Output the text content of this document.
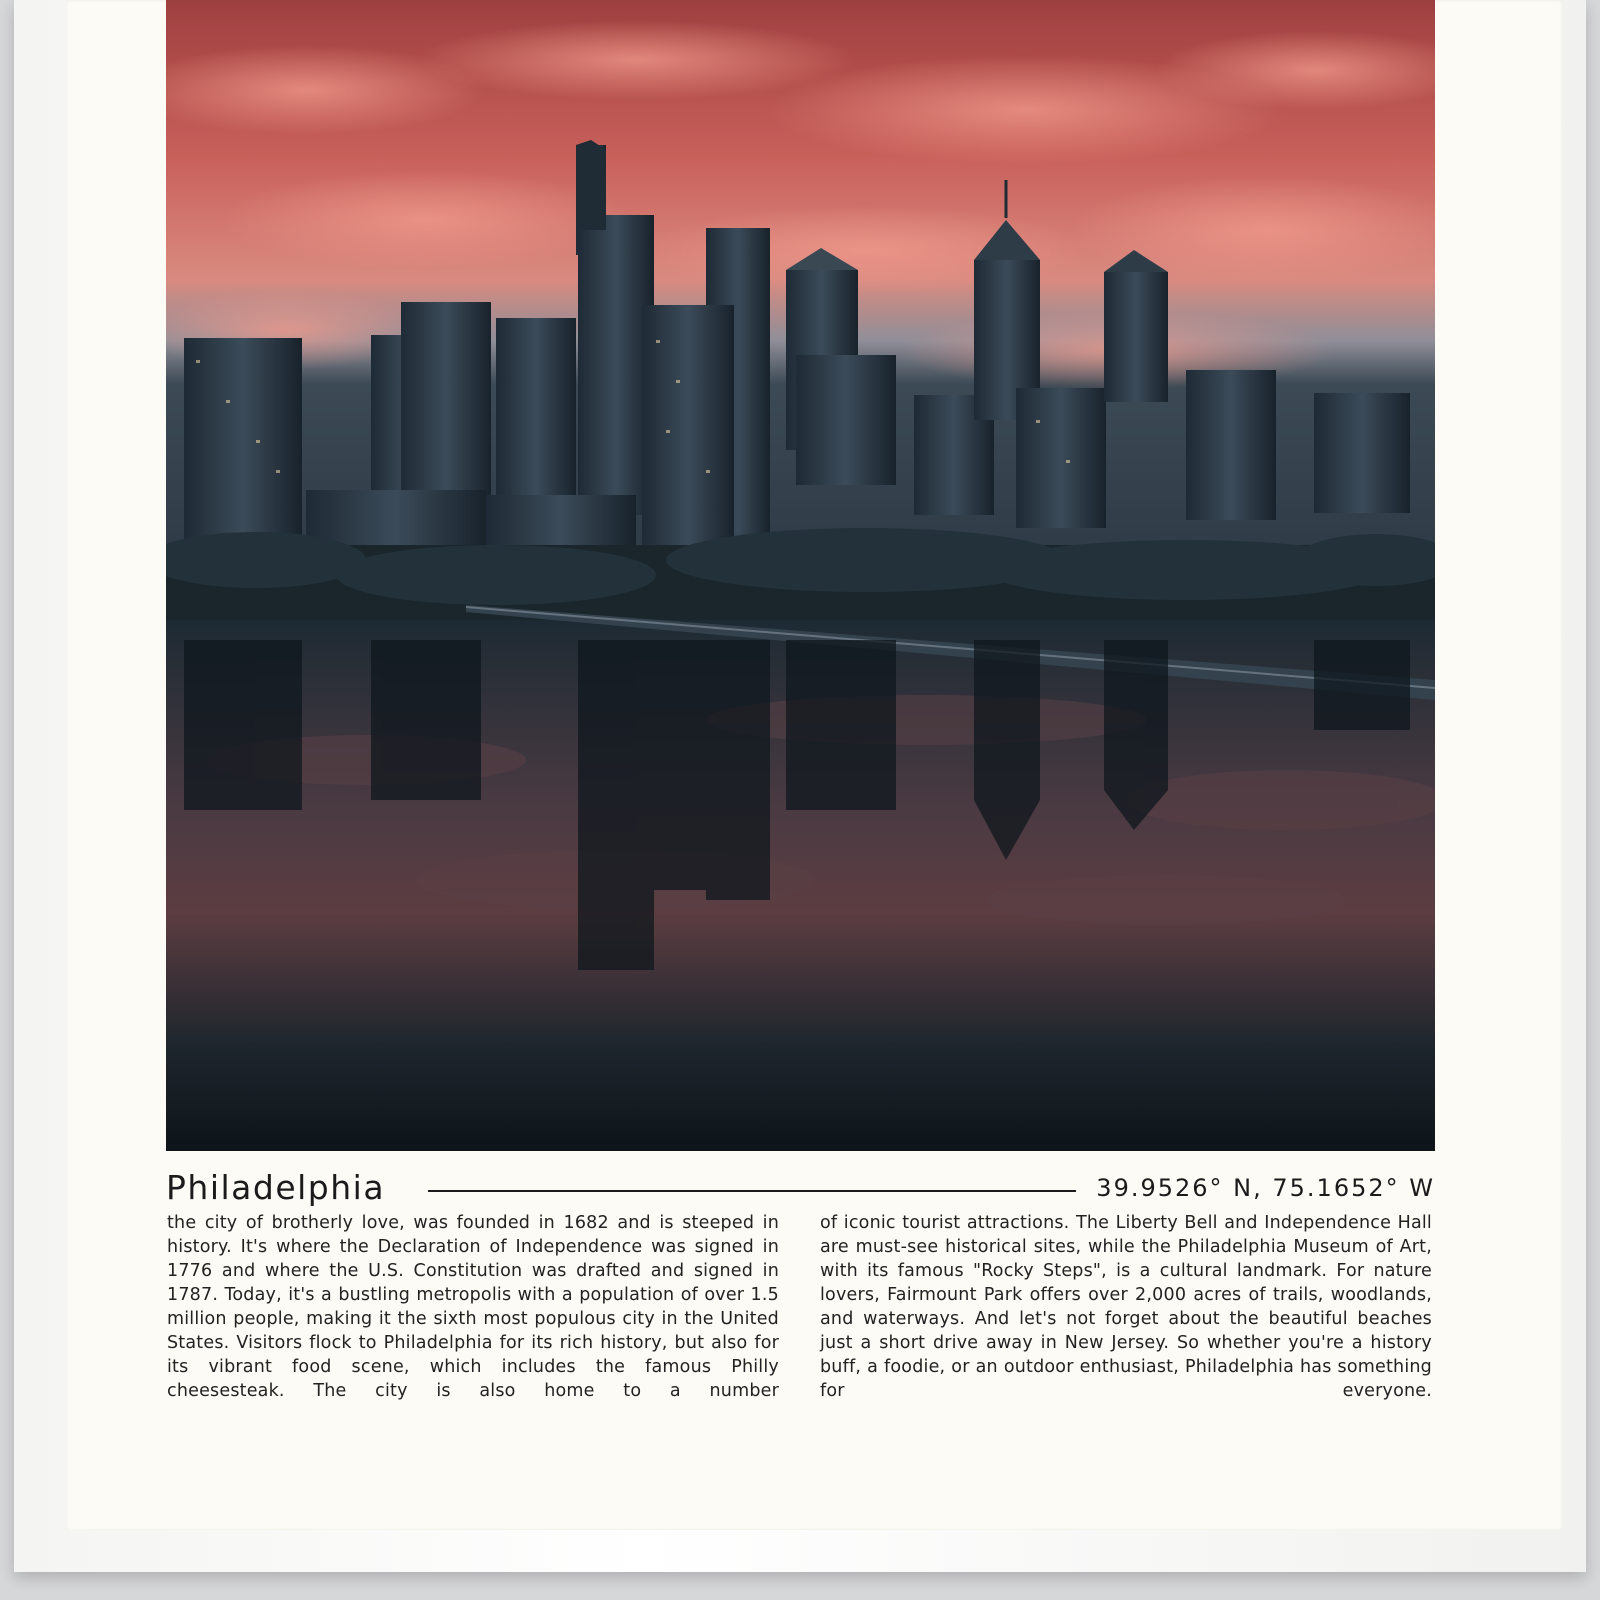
Philadelphia	39.9526° N, 75.1652° W

the city of brotherly love, was founded in 1682 and is steeped in history. It's where the Declaration of Independence was signed in 1776 and where the U.S. Constitution was drafted and signed in 1787. Today, it's a bustling metropolis with a population of over 1.5 million people, making it the sixth most populous city in the United States. Visitors flock to Philadelphia for its rich history, but also for its vibrant food scene, which includes the famous Philly cheesesteak. The city is also home to a number

of iconic tourist attractions. The Liberty Bell and Independence Hall are must-see historical sites, while the Philadelphia Museum of Art, with its famous "Rocky Steps", is a cultural landmark. For nature lovers, Fairmount Park offers over 2,000 acres of trails, woodlands, and waterways. And let's not forget about the beautiful beaches just a short drive away in New Jersey. So whether you're a history buff, a foodie, or an outdoor enthusiast, Philadelphia has something for everyone.
